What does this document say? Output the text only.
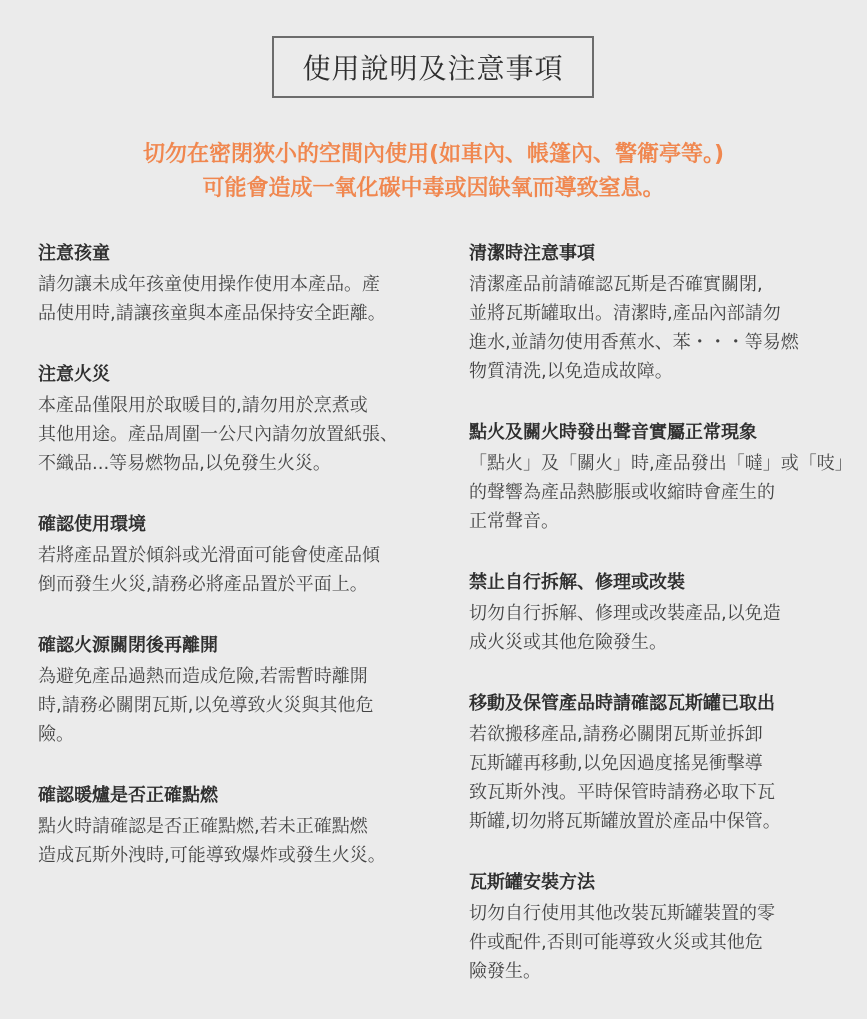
使用說明及注意事項
切勿在密閉狹小的空間內使用(如車內、帳篷內、警衛亭等。)
可能會造成一氧化碳中毒或因缺氧而導致窒息。
注意孩童
請勿讓未成年孩童使用操作使用本產品。產
品使用時,請讓孩童與本產品保持安全距離。
注意火災
本產品僅限用於取暖目的,請勿用於烹煮或
其他用途。產品周圍一公尺內請勿放置紙張、
不織品...等易燃物品,以免發生火災。
確認使用環境
若將產品置於傾斜或光滑面可能會使產品傾
倒而發生火災,請務必將產品置於平面上。
確認火源關閉後再離開
為避免產品過熱而造成危險,若需暫時離開
時,請務必關閉瓦斯,以免導致火災與其他危
險。
確認暖爐是否正確點燃
點火時請確認是否正確點燃,若未正確點燃
造成瓦斯外洩時,可能導致爆炸或發生火災。
清潔時注意事項
清潔產品前請確認瓦斯是否確實關閉,
並將瓦斯罐取出。清潔時,產品內部請勿
進水,並請勿使用香蕉水、苯・・・等易燃
物質清洗,以免造成故障。
點火及關火時發出聲音實屬正常現象
「點火」及「關火」時,產品發出「噠」或「吱」
的聲響為產品熱膨脹或收縮時會產生的
正常聲音。
禁止自行拆解、修理或改裝
切勿自行拆解、修理或改裝產品,以免造
成火災或其他危險發生。
移動及保管產品時請確認瓦斯罐已取出
若欲搬移產品,請務必關閉瓦斯並拆卸
瓦斯罐再移動,以免因過度搖晃衝擊導
致瓦斯外洩。平時保管時請務必取下瓦
斯罐,切勿將瓦斯罐放置於產品中保管。
瓦斯罐安裝方法
切勿自行使用其他改裝瓦斯罐裝置的零
件或配件,否則可能導致火災或其他危
險發生。
